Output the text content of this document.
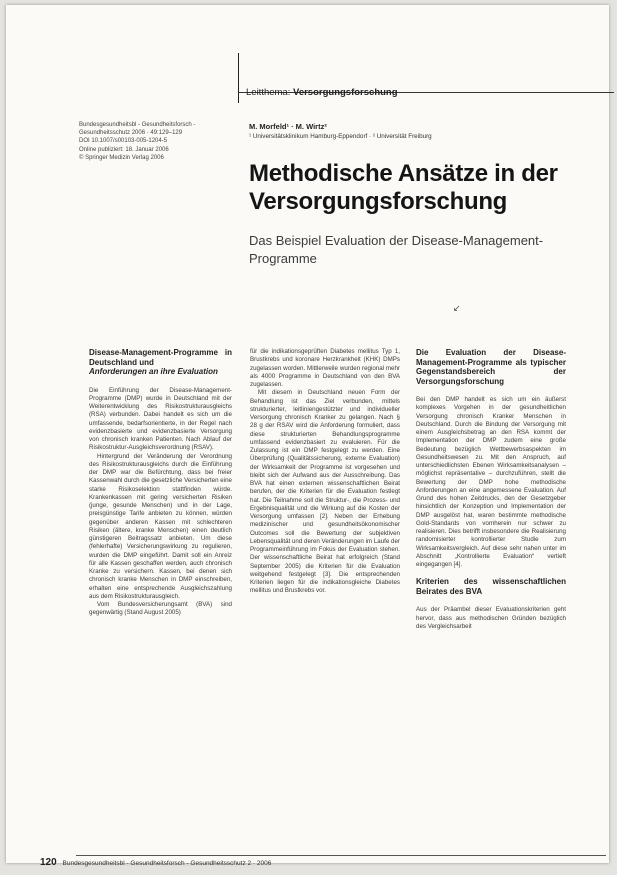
Leitthema: Versorgungsforschung
Bundesgesundheitsbl - Gesundheitsforsch -
Gesundheitsschutz 2006 · 49:129–129
DOI 10.1007/s00103-005-1204-5
Online publiziert: 18. Januar 2006
© Springer Medizin Verlag 2006
M. Morfeld¹ · M. Wirtz²
¹ Universitätsklinikum Hamburg-Eppendorf · ² Universität Freiburg
Methodische Ansätze in der Versorgungsforschung
Das Beispiel Evaluation der Disease-Management-Programme
↙
Disease-Management-Programme in Deutschland und
Anforderungen an ihre Evaluation

Die Einführung der Disease-Management-Programme (DMP) wurde in Deutschland mit der Weiterentwicklung des Risikostrukturausgleichs (RSA) verbunden. Dabei handelt es sich um die umfassende, bedarfsorientierte, in der Regel nach evidenzbasierte und evidenzbasierte Versorgung von chronisch kranken Patienten. Nach Ablauf der Risikostruktur-Ausgleichsverordnung (RSAV).

Hintergrund der Veränderung der Verordnung des Risikostrukturausgleichs durch die Einführung der DMP war die Befürchtung, dass bei freier Kassenwahl durch die gesetzliche Versicherten eine starke Risikoselektion stattfinden würde. Krankenkassen mit gering versicherten Risiken (junge, gesunde Menschen) und in der Lage, preisgünstige Tarife anbieten zu können, würden gegenüber anderen Kassen mit schlechteren Risiken (ältere, kranke Menschen) einen deutlich günstigeren Beitragssatz anbieten. Um diese (fehlerhafte) Versicherungswirkung zu regulieren, wurden die DMP eingeführt. Damit soll ein Anreiz für alle Kassen geschaffen werden, auch chronisch Kranke zu versichern. Kassen, bei denen sich chronisch kranke Menschen in DMP einschreiben, erhalten eine entsprechende Ausgleichszahlung aus dem Risikostrukturausgleich.

Vom Bundesversicherungsamt (BVA) sind gegenwärtig (Stand August 2005)

für die indikationsgeprüften Diabetes mellitus Typ 1, Brustkrebs und koronare Herzkrankheit (KHK) DMPs zugelassen worden. Mittlerweile wurden regional mehr als 4000 Programme in Deutschland von den BVA zugelassen.

Mit diesem in Deutschland neuen Form der Behandlung ist das Ziel verbunden, mittels strukturierter, leitliniengestützter und individueller Versorgung chronisch Kranker zu gelangen. Nach § 28 g der RSAV wird die Anforderung formuliert, dass diese strukturierten Behandlungsprogramme umfassend evidenzbasiert zu evaluieren. Für die Zulassung ist ein DMP festgelegt zu werden. Eine Überprüfung (Qualitätssicherung, externe Evaluation) der Wirksamkeit der Programme ist vorgesehen und bleibt sich der Aufwand aus der Ausschreibung. Das BVA hat einen externen wissenschaftlichen Beirat berufen, der die Kriterien für die Evaluation festlegt hat. Die Teilnahme soll die Struktur-, die Prozess- und Ergebnisqualität und die Wirkung auf die Kosten der Versorgung umfassen [2]. Neben der Erhebung medizinischer und gesundheitsökonomischer Outcomes soll die Bewertung der subjektiven Lebensqualität und deren Veränderungen im Laufe der Programmeinführung im Fokus der Evaluation stehen. Der wissenschaftliche Beirat hat erfolgreich (Stand September 2005) die Kriterien für die Evaluation weitgehend festgelegt [3]. Die entsprechenden Kriterien liegen für die indikationsgleiche Diabetes mellitus und Brustkrebs vor.

Die Evaluation der Disease-Management-Programme als typischer Gegenstandsbereich der Versorgungsforschung

Bei den DMP handelt es sich um ein äußerst komplexes Vorgehen in der gesundheitlichen Versorgung chronisch Kranker Menschen in Deutschland. Durch die Bindung der Versorgung mit einem Ausgleichsbetrag an den RSA kommt der Implementation der DMP zudem eine große Bedeutung bezüglich Wettbewerbsaspekten im Gesundheitswesen zu. Mit den Anspruch, auf unterschiedlichsten Ebenen Wirksamkeitsanalysen – möglichst repräsentative – durchzuführen, stellt die Bewertung der DMP hohe methodische Anforderungen an eine angemessene Evaluation. Auf Grund des hohen Zeitdrucks, den der Gesetzgeber hinsichtlich der Konzeption und Implementation der DMP ausgelöst hat, waren bestimmte methodische Gold-Standards von vornherein nur schwer zu realisieren. Dies betrifft insbesondere die Realisierung randomisierter kontrollierter Studie zum Wirksamkeitsvergleich. Auf diese sehr nahen unter im Abschnitt „Kontrollierte Evaluation“ vertieft eingegangen [4].

Kriterien des wissenschaftlichen Beirates des BVA

Aus der Präambel dieser Evaluationskriterien geht hervor, dass aus methodischen Gründen bezüglich des Vergleichsarbeit

120 Bundesgesundheitsbl - Gesundheitsforsch - Gesundheitsschutz 2 · 2006
